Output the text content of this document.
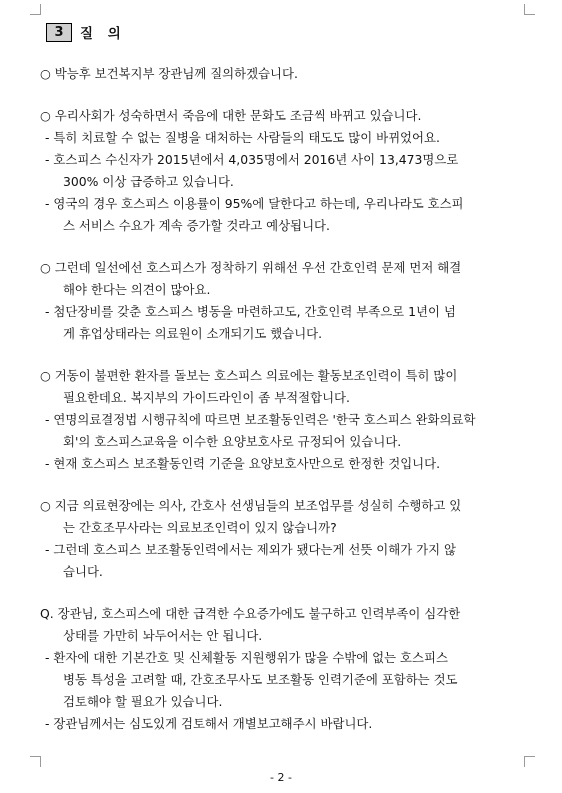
3	질 의
○ 박능후 보건복지부 장관님께 질의하겠습니다.
○ 우리사회가 성숙하면서 죽음에 대한 문화도 조금씩 바뀌고 있습니다.
- 특히 치료할 수 없는 질병을 대처하는 사람들의 태도도 많이 바뀌었어요.
- 호스피스 수신자가 2015년에서 4,035명에서 2016년 사이 13,473명으로
300% 이상 급증하고 있습니다.
- 영국의 경우 호스피스 이용률이 95%에 달한다고 하는데, 우리나라도 호스피
스 서비스 수요가 계속 증가할 것라고 예상됩니다.
○ 그런데 일선에선 호스피스가 정착하기 위해선 우선 간호인력 문제 먼저 해결
해야 한다는 의견이 많아요.
- 첨단장비를 갖춘 호스피스 병동을 마련하고도, 간호인력 부족으로 1년이 넘
게 휴업상태라는 의료원이 소개되기도 했습니다.
○ 거동이 불편한 환자를 돌보는 호스피스 의료에는 활동보조인력이 특히 많이
필요한데요. 복지부의 가이드라인이 좀 부적절합니다.
- 연명의료결정법 시행규칙에 따르면 보조활동인력은 '한국 호스피스 완화의료학
회'의 호스피스교육을 이수한 요양보호사로 규정되어 있습니다.
- 현재 호스피스 보조활동인력 기준을 요양보호사만으로 한정한 것입니다.
○ 지금 의료현장에는 의사, 간호사 선생님들의 보조업무를 성실히 수행하고 있
는 간호조무사라는 의료보조인력이 있지 않습니까?
- 그런데 호스피스 보조활동인력에서는 제외가 됐다는게 선뜻 이해가 가지 않
습니다.
Q. 장관님, 호스피스에 대한 급격한 수요증가에도 불구하고 인력부족이 심각한
상태를 가만히 놔두어서는 안 됩니다.
- 환자에 대한 기본간호 및 신체활동 지원행위가 많을 수밖에 없는 호스피스
병동 특성을 고려할 때, 간호조무사도 보조활동 인력기준에 포함하는 것도
검토해야 할 필요가 있습니다.
- 장관님께서는 심도있게 검토해서 개별보고해주시 바랍니다.
- 2 -
